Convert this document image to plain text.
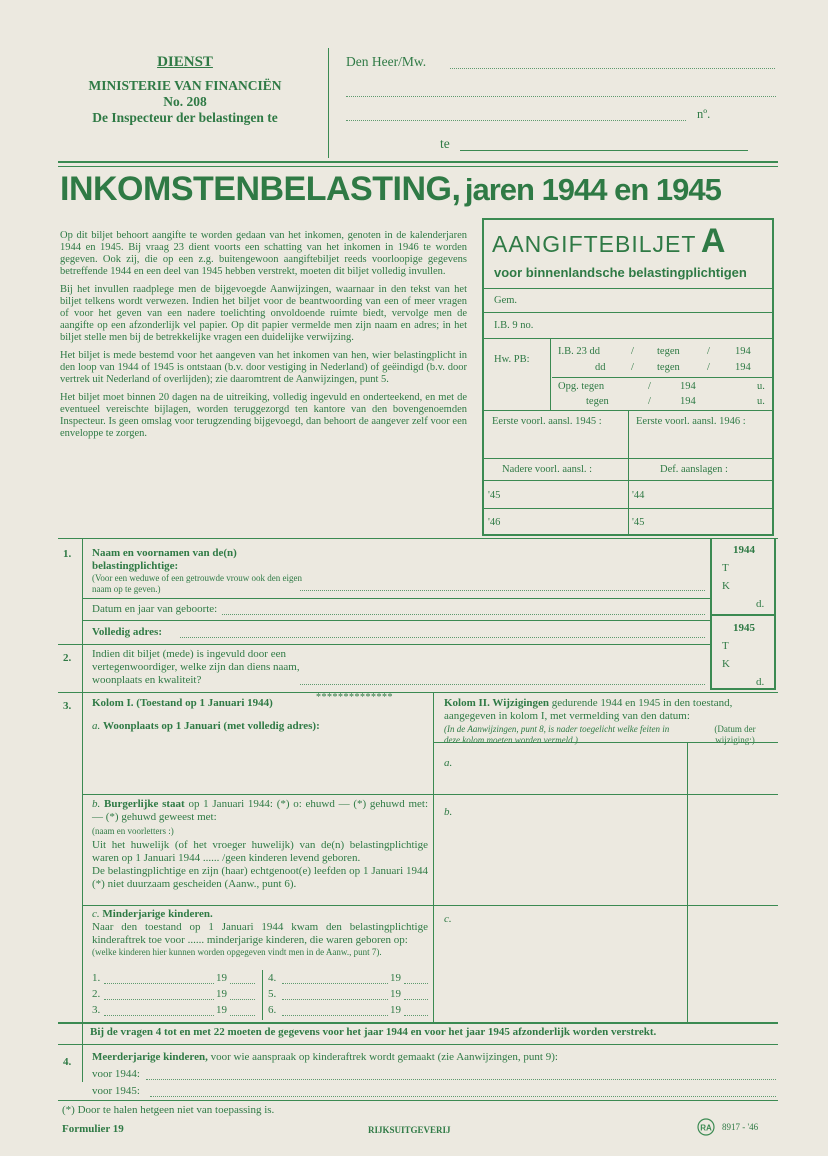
DIENST
MINISTERIE VAN FINANCIËN
No. 208
De Inspecteur der belastingen te
Den Heer/Mw.
nº.
te
INKOMSTENBELASTING, jaren 1944 en 1945
Op dit biljet behoort aangifte te worden gedaan van het inkomen, genoten in de kalenderjaren 1944 en 1945. Bij vraag 23 dient voorts een schatting van het inkomen in 1946 te worden gegeven. Ook zij, die op een z.g. buitengewoon aangiftebiljet reeds voorloopige gegevens betreffende 1944 en een deel van 1945 hebben verstrekt, moeten dit biljet volledig invullen.
Bij het invullen raadplege men de bijgevoegde Aanwijzingen, waarnaar in den tekst van het biljet telkens wordt verwezen. Indien het biljet voor de beantwoording van een of meer vragen of voor het geven van een nadere toelichting onvoldoende ruimte biedt, vervolge men de aangifte op een afzonderlijk vel papier. Op dit papier vermelde men zijn naam en adres; in het biljet stelle men bij de betrekkelijke vragen een duidelijke verwijzing.
Het biljet is mede bestemd voor het aangeven van het inkomen van hen, wier belastingplicht in den loop van 1944 of 1945 is ontstaan (b.v. door vestiging in Nederland) of geëindigd (b.v. door vertrek uit Nederland of overlijden); zie daaromtrent de Aanwijzingen, punt 5.
Het biljet moet binnen 20 dagen na de uitreiking, volledig ingevuld en onderteekend, en met de eventueel vereischte bijlagen, worden teruggezorgd ten kantore van den bovengenoemden Inspecteur. Is geen omslag voor terugzending bijgevoegd, dan behoort de aangever zelf voor een enveloppe te zorgen.
AANGIFTEBILJET A
voor binnenlandsche belastingplichtigen
Gem.
I.B. 9 no.
Hw. PB:
I.B. 23 dd	/ tegen	/ 194
dd / tegen	/ 194
Opg. tegen	/	194	u.
tegen	/	194	u.
Eerste voorl. aansl. 1945 :	Eerste voorl. aansl. 1946 :
Nadere voorl. aansl. :	Def. aanslagen :
'45	'44
'46	'45
1944
T
K
d.
1945
T
K
d.
1. Naam en voornamen van de(n) belastingplichtige:
(Voor een weduwe of een getrouwde vrouw ook den eigen naam op te geven.)
Datum en jaar van geboorte:
Volledig adres:
2. Indien dit biljet (mede) is ingevuld door een vertegenwoordiger, welke zijn dan diens naam, woonplaats en kwaliteit?
3. Kolom I. (Toestand op 1 Januari 1944)	* * * * * * * * * * * * * *	Kolom II. Wijzigingen gedurende 1944 en 1945 in den toestand, aangegeven in kolom I, met vermelding van den datum:
(In de Aanwijzingen, punt 8, is nader toegelicht welke feiten in deze kolom moeten worden vermeld.)
(Datum der wijziging:)
a. Woonplaats op 1 Januari (met volledig adres):
a.
b. Burgerlijke staat op 1 Januari 1944: (*) o: ehuwd — (*) gehuwd met: — (*) gehuwd geweest met:
(naam en voorletters :)
Uit het huwelijk (of het vroeger huwelijk) van de(n) belastingplichtige waren op 1 Januari 1944 ...... /geen kinderen levend geboren.
De belastingplichtige en zijn (haar) echtgenoot(e) leefden op 1 Januari 1944 (*) niet duurzaam gescheiden (Aanw., punt 6).
b.
c. Minderjarige kinderen.
Naar den toestand op 1 Januari 1944 kwam den belastingplichtige kinderaftrek toe voor ...... minderjarige kinderen, die waren geboren op:
(welke kinderen hier kunnen worden opgegeven vindt men in de Aanw., punt 7).
c.
1.	19
2.	19
3.	19
4.	19
5.	19
6.	19
Bij de vragen 4 tot en met 22 moeten de gegevens voor het jaar 1944 en voor het jaar 1945 afzonderlijk worden verstrekt.
4. Meerderjarige kinderen, voor wie aanspraak op kinderaftrek wordt gemaakt (zie Aanwijzingen, punt 9):
voor 1944:
voor 1945:
(*) Door te halen hetgeen niet van toepassing is.
Formulier 19	RIJKSUITGEVERIJ	RA 8917 - '46
